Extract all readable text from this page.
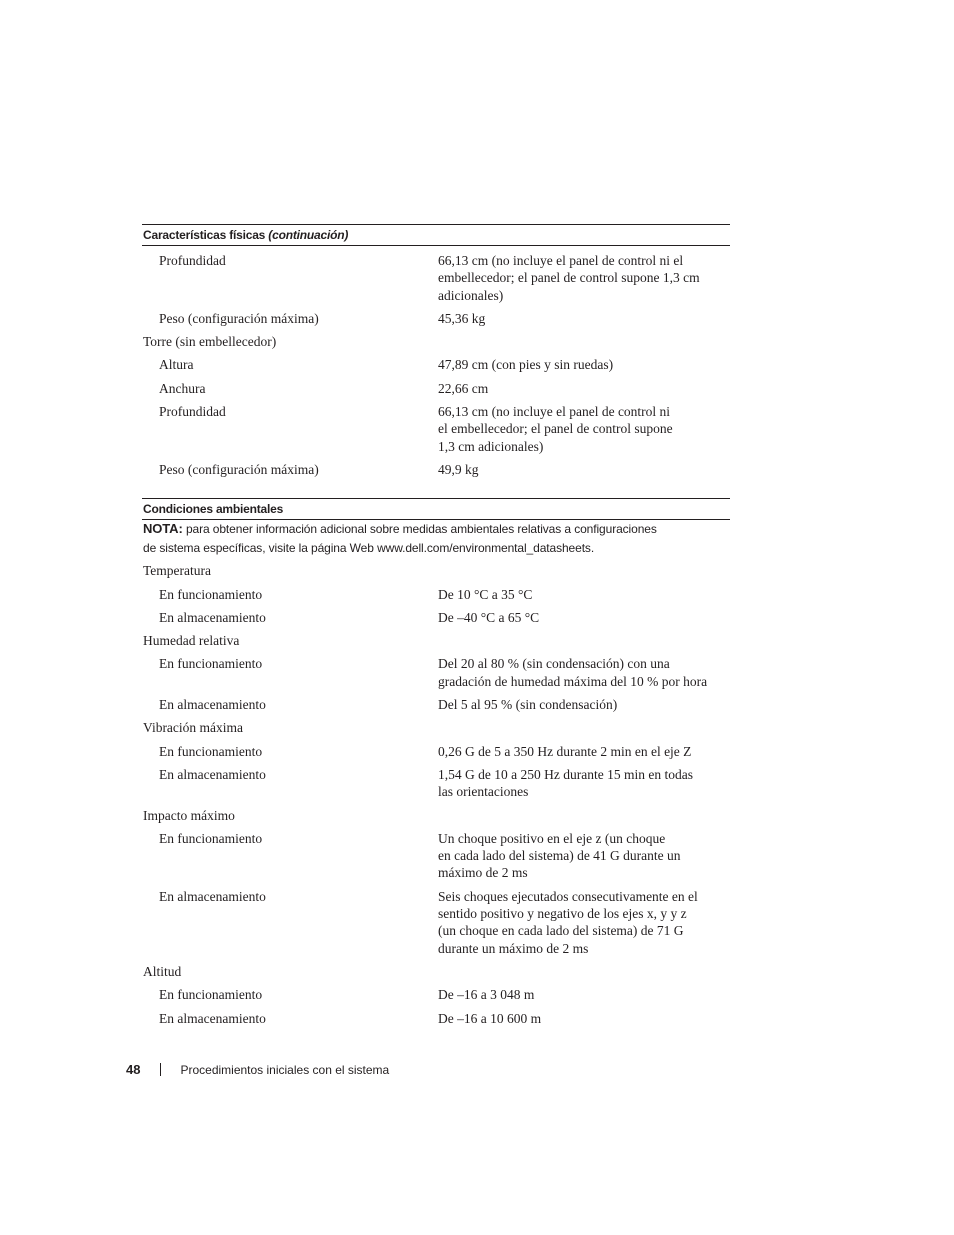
Características físicas (continuación)
Profundidad	66,13 cm (no incluye el panel de control ni el embellecedor; el panel de control supone 1,3 cm adicionales)
Peso (configuración máxima)	45,36 kg
Torre (sin embellecedor)
Altura	47,89 cm (con pies y sin ruedas)
Anchura	22,66 cm
Profundidad	66,13 cm (no incluye el panel de control ni
el embellecedor; el panel de control supone
1,3 cm adicionales)
Peso (configuración máxima)	49,9 kg
Condiciones ambientales
NOTA: para obtener información adicional sobre medidas ambientales relativas a configuraciones
de sistema específicas, visite la página Web www.dell.com/environmental_datasheets.
Temperatura
En funcionamiento	De 10 °C a 35 °C
En almacenamiento	De –40 °C a 65 °C
Humedad relativa
En funcionamiento	Del 20 al 80 % (sin condensación) con una
gradación de humedad máxima del 10 % por hora
En almacenamiento	Del 5 al 95 % (sin condensación)
Vibración máxima
En funcionamiento	0,26 G de 5 a 350 Hz durante 2 min en el eje Z
En almacenamiento	1,54 G de 10 a 250 Hz durante 15 min en todas
las orientaciones
Impacto máximo
En funcionamiento	Un choque positivo en el eje z (un choque
en cada lado del sistema) de 41 G durante un
máximo de 2 ms
En almacenamiento	Seis choques ejecutados consecutivamente en el
sentido positivo y negativo de los ejes x, y y z
(un choque en cada lado del sistema) de 71 G
durante un máximo de 2 ms
Altitud
En funcionamiento	De –16 a 3 048 m
En almacenamiento	De –16 a 10 600 m
48	Procedimientos iniciales con el sistema
